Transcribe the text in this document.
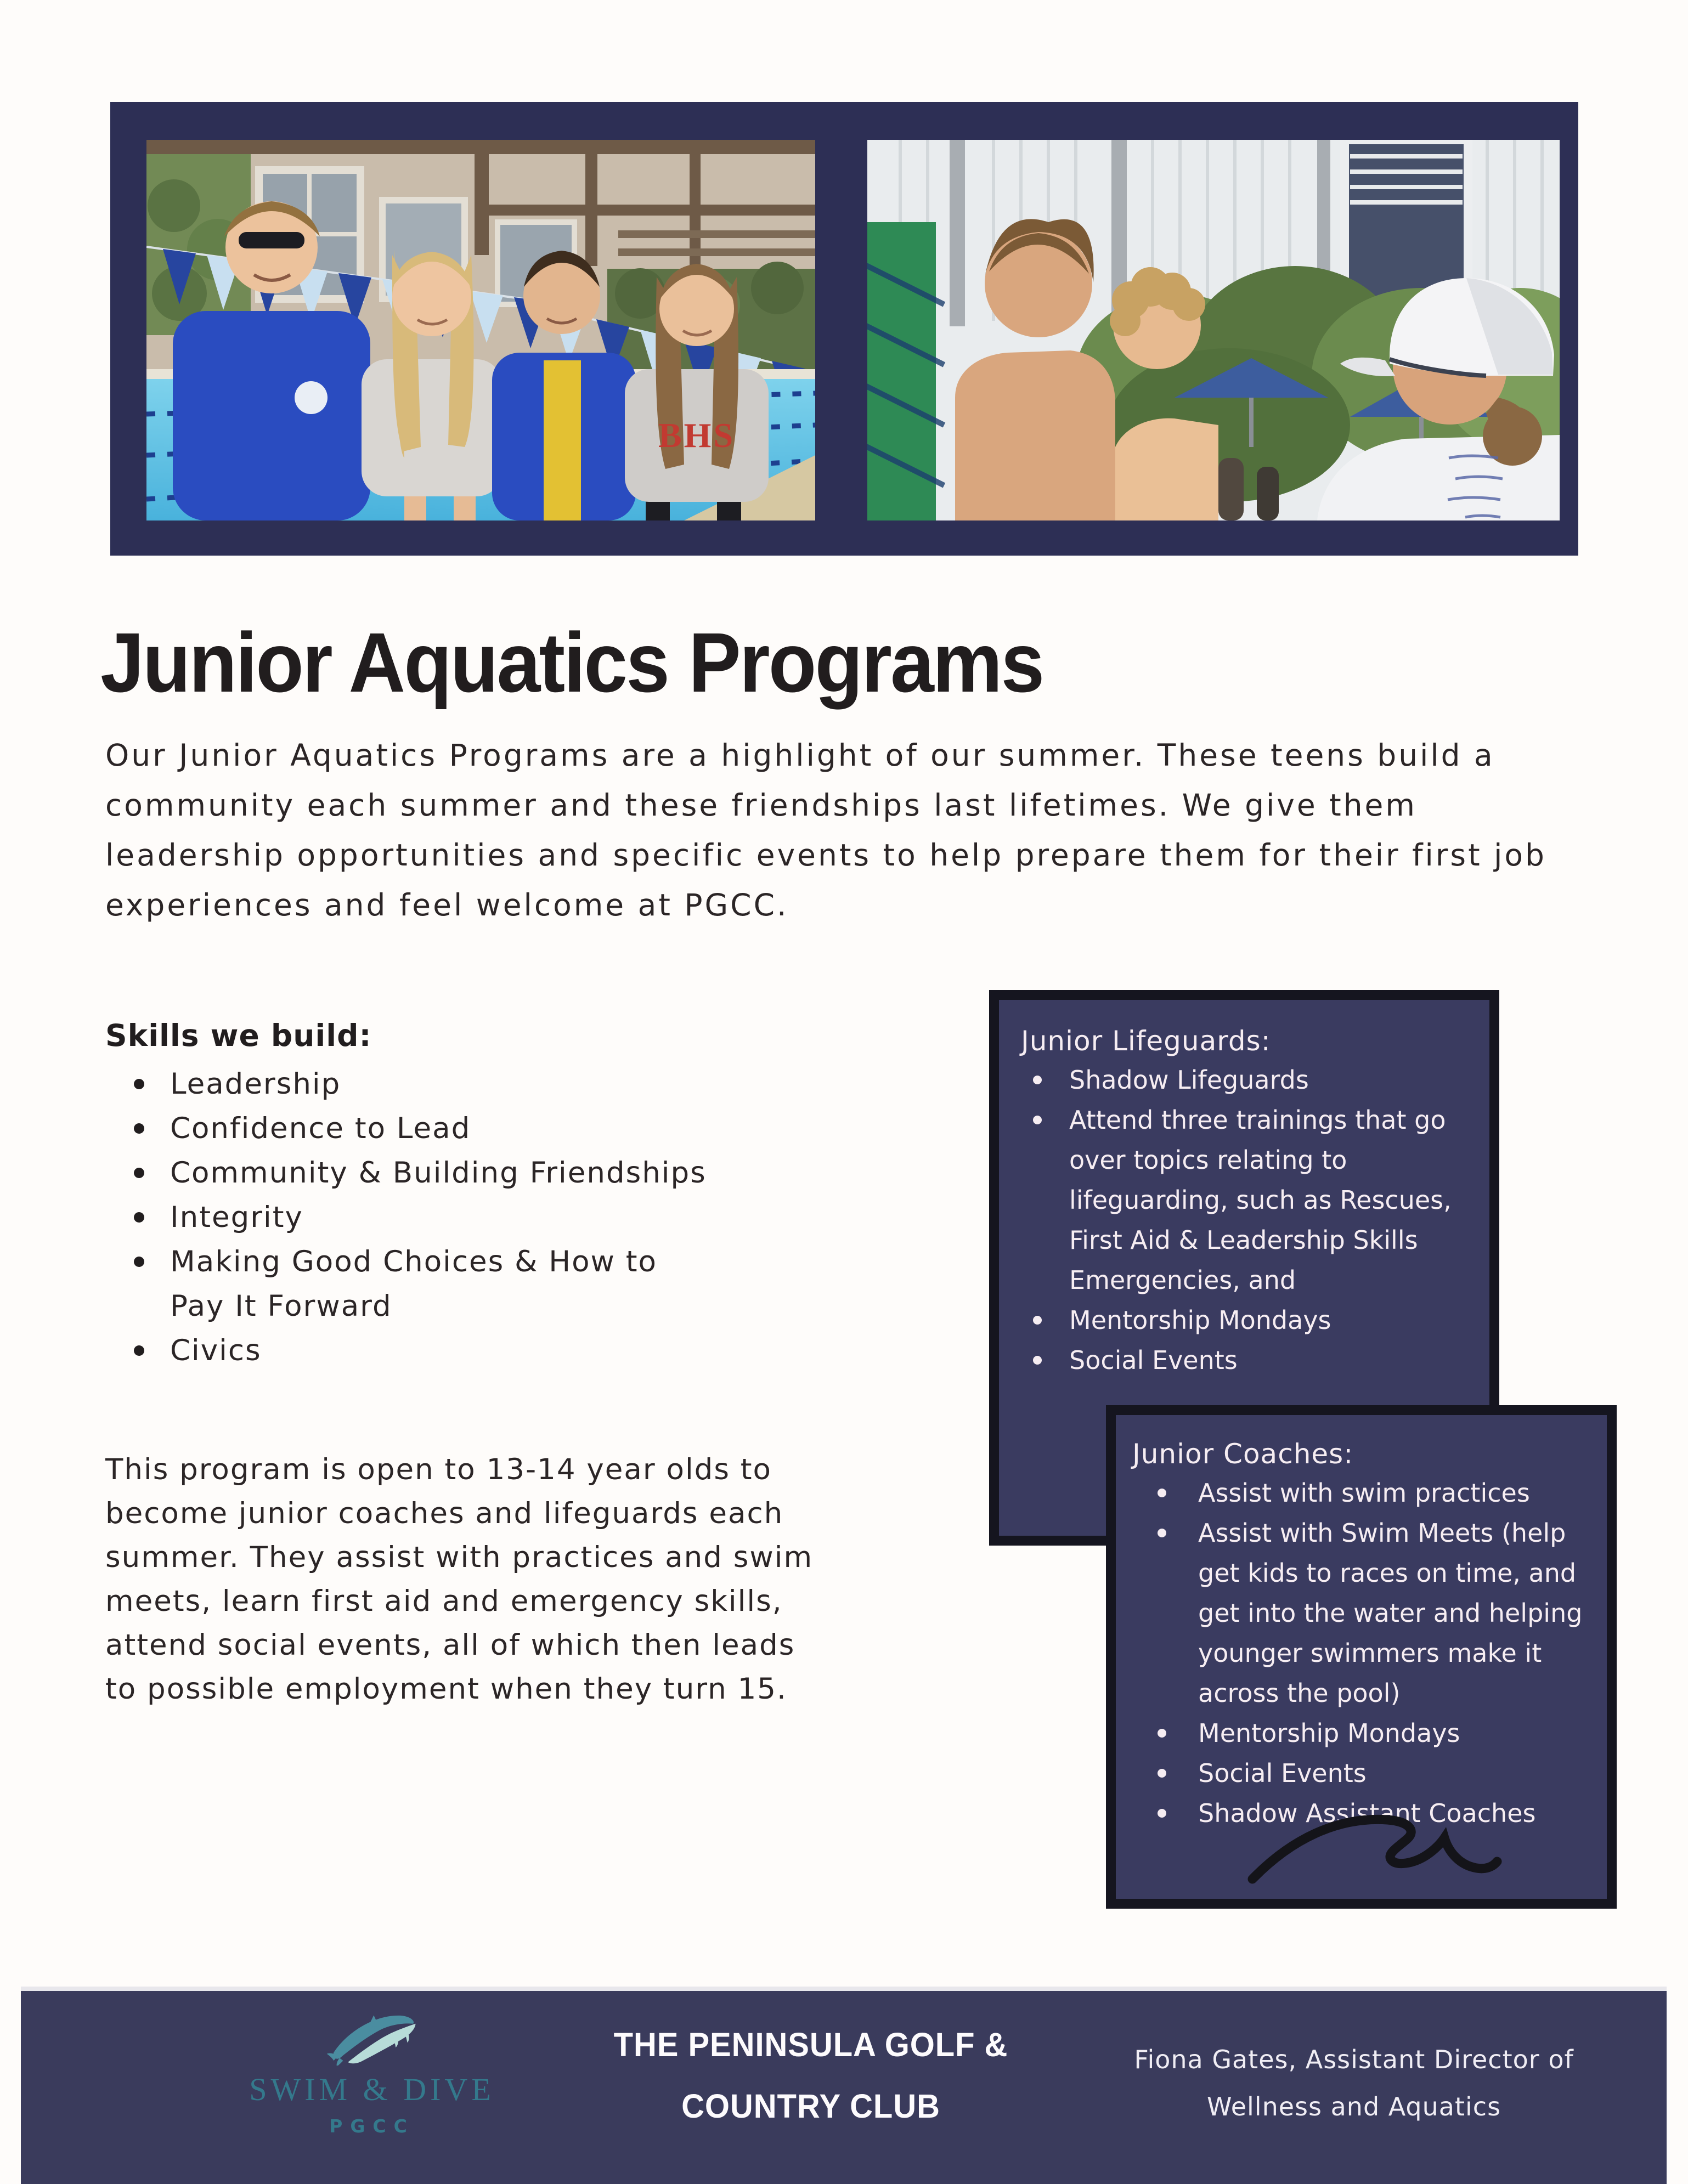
BHS
Junior Aquatics Programs

Our Junior Aquatics Programs are a highlight of our summer. These teens build a community each summer and these friendships last lifetimes. We give them leadership opportunities and specific events to help prepare them for their first job experiences and feel welcome at PGCC.

Skills we build:
Leadership
Confidence to Lead
Community & Building Friendships
Integrity
Making Good Choices & How to Pay It Forward
Civics
Junior Lifeguards:
Shadow Lifeguards
Attend three trainings that go over topics relating to lifeguarding, such as Rescues, First Aid & Leadership Skills Emergencies, and
Mentorship Mondays
Social Events
Junior Coaches:
Assist with swim practices
Assist with Swim Meets (help get kids to races on time, and get into the water and helping younger swimmers make it across the pool)
Mentorship Mondays
Social Events
Shadow Assistant Coaches

This program is open to 13-14 year olds to become junior coaches and lifeguards each summer. They assist with practices and swim meets, learn first aid and emergency skills, attend social events, all of which then leads to possible employment when they turn 15.

SWIM & DIVE
PGCC
THE PENINSULA GOLF &
COUNTRY CLUB
Fiona Gates, Assistant Director of
Wellness and Aquatics
